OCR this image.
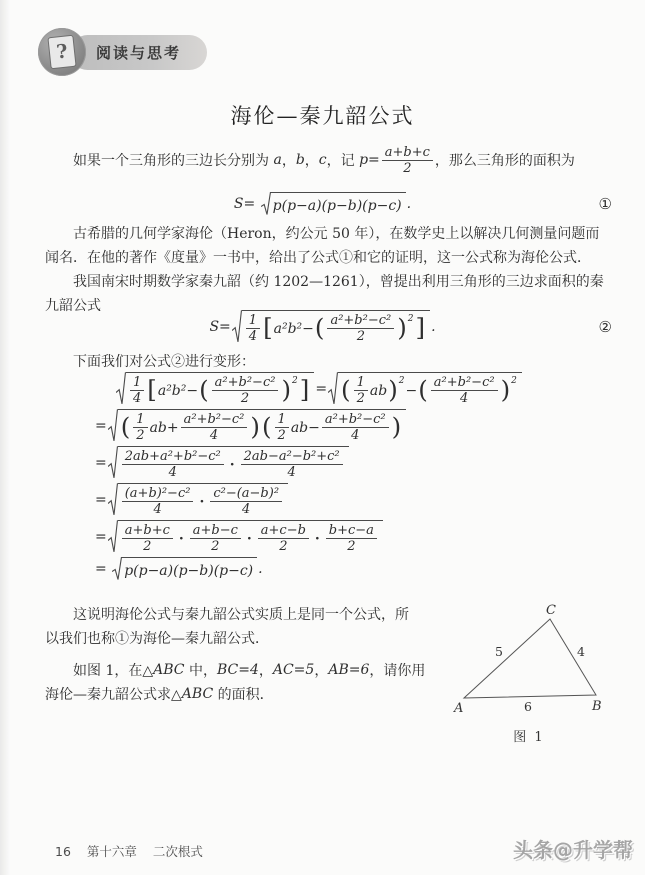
?	阅读与思考
海伦—秦九韶公式
如果一个三角形的三边长分别为 a ， b ， c ，记 $p= \frac{a+b+c}{2}$ ，那么三角形的面积为
S= p(p−a)(p−b)(p−c) .	①
古希腊的几何学家海伦（Heron，约公元 50 年），在数学史上以解决几何测量问题而
闻名．在他的著作《度量》一书中，给出了公式①和它的证明，这一公式称为海伦公式．
我国南宋时期数学家秦九韶（约 1202—1261），曾提出利用三角形的三边求面积的秦
九韶公式
$S= \frac{1}{4}$ [ a²b²− ( $\frac{\text{a²+b²−c²}}{2}$ ) 2 ] .	②
下面我们对公式②进行变形：
$\frac{1}{4}$ [ a²b²− ( $\frac{\text{a²+b²−c²}}{2}$ ) 2 ] = ( $\frac{1}{2}$ ab ) 2
− ( $\frac{\text{a²+b²−c²}}{4}$ ) 2
= ( $\frac{1}{2} ab+ \frac{\text{a²+b²−c²}}{4}$ ) ( $\frac{1}{2} ab- \frac{\text{a²+b²−c²}}{4}$ )
= $\frac{\text{2ab+a²+b²−c²}}{4} \cdot \frac{\text{2ab−a²−b²+c²}}{4}$
= $\frac{\text{(a+b)²−c²}}{4} \cdot \frac{\text{c²−(a−b)²}}{4}$
= $\frac{a+b+c}{2} \cdot \frac{a+b-c}{2} \cdot \frac{a+c-b}{2} \cdot \frac{b+c-a}{2}$
= p(p−a)(p−b)(p−c) .
这说明海伦公式与秦九韶公式实质上是同一个公式，所
以我们也称①为海伦—秦九韶公式．
如图 1，在△ ABC 中， BC=4 ， AC=5 ， AB=6 ，请你用
海伦—秦九韶公式求△ ABC 的面积．
A	B
C
5	4
6
图 1
16 第十六章 二次根式	头条@升学帮
